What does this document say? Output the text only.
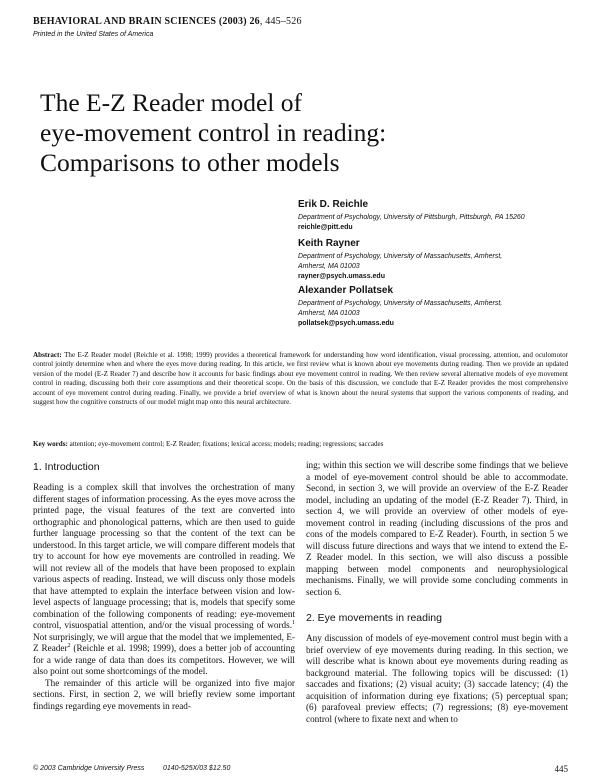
BEHAVIORAL AND BRAIN SCIENCES (2003) 26, 445–526
Printed in the United States of America
The E-Z Reader model of
eye-movement control in reading:
Comparisons to other models
Erik D. Reichle
Department of Psychology, University of Pittsburgh, Pittsburgh, PA 15260
reichle@pitt.edu
Keith Rayner
Department of Psychology, University of Massachusetts, Amherst,
Amherst, MA 01003
rayner@psych.umass.edu
Alexander Pollatsek
Department of Psychology, University of Massachusetts, Amherst,
Amherst, MA 01003
pollatsek@psych.umass.edu
Abstract: The E-Z Reader model (Reichle et al. 1998; 1999) provides a theoretical framework for understanding how word identification, visual processing, attention, and oculomotor control jointly determine when and where the eyes move during reading. In this article, we first review what is known about eye movements during reading. Then we provide an updated version of the model (E-Z Reader 7) and describe how it accounts for basic findings about eye movement control in reading. We then review several alternative models of eye movement control in reading, discussing both their core assumptions and their theoretical scope. On the basis of this discussion, we conclude that E-Z Reader provides the most comprehensive account of eye movement control during reading. Finally, we provide a brief overview of what is known about the neural systems that support the various components of reading, and suggest how the cognitive constructs of our model might map onto this neural architecture.
Key words: attention; eye-movement control; E-Z Reader; fixations; lexical access; models; reading; regressions; saccades
1. Introduction

Reading is a complex skill that involves the orchestration of many different stages of information processing. As the eyes move across the printed page, the visual features of the text are converted into orthographic and phonological patterns, which are then used to guide further language processing so that the content of the text can be understood. In this target article, we will compare different models that try to account for how eye movements are controlled in reading. We will not review all of the models that have been proposed to explain various aspects of reading. Instead, we will discuss only those models that have attempted to explain the interface between vision and low-level aspects of language processing; that is, models that specify some combination of the following components of reading: eye-movement control, visuospatial attention, and/or the visual processing of words.$^1$ Not surprisingly, we will argue that the model that we implemented, E-Z Reader$^2$ (Reichle et al. 1998; 1999), does a better job of accounting for a wide range of data than does its competitors. However, we will also point out some shortcomings of the model.

The remainder of this article will be organized into five major sections. First, in section 2, we will briefly review some important findings regarding eye movements in read-

ing; within this section we will describe some findings that we believe a model of eye-movement control should be able to accommodate. Second, in section 3, we will provide an overview of the E-Z Reader model, including an updating of the model (E-Z Reader 7). Third, in section 4, we will provide an overview of other models of eye-movement control in reading (including discussions of the pros and cons of the models compared to E-Z Reader). Fourth, in section 5 we will discuss future directions and ways that we intend to extend the E-Z Reader model. In this section, we will also discuss a possible mapping between model components and neurophysiological mechanisms. Finally, we will provide some concluding comments in section 6.

2. Eye movements in reading

Any discussion of models of eye-movement control must begin with a brief overview of eye movements during reading. In this section, we will describe what is known about eye movements during reading as background material. The following topics will be discussed: (1) saccades and fixations; (2) visual acuity; (3) saccade latency; (4) the acquisition of information during eye fixations; (5) perceptual span; (6) parafoveal preview effects; (7) regressions; (8) eye-movement control (where to fixate next and when to

© 2003 Cambridge University Press	0140-525X/03 $12.50	445
